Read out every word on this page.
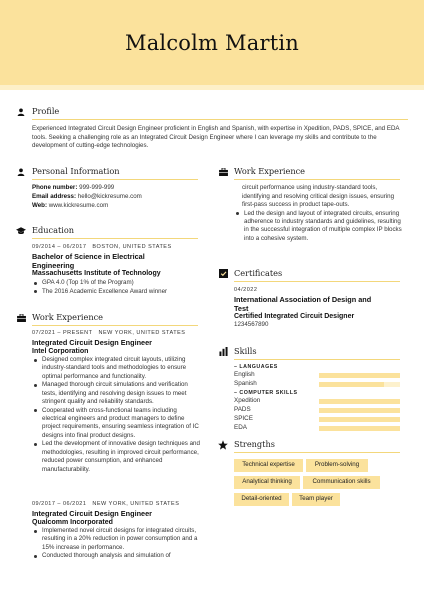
Malcolm Martin
Profile
Experienced Integrated Circuit Design Engineer proficient in English and Spanish, with expertise in Xpedition, PADS, SPICE, and EDA tools. Seeking a challenging role as an Integrated Circuit Design Engineer where I can leverage my skills and contribute to the development of cutting-edge technologies.
Personal Information
Phone number: 999-999-999
Email address: hello@kickresume.com
Web: www.kickresume.com
Education
09/2014 – 06/2017 BOSTON, UNITED STATES
Bachelor of Science in Electrical
Engineering
Massachusetts Institute of Technology
GPA 4.0 (Top 1% of the Program)
The 2016 Academic Excellence Award winner
Work Experience
07/2021 – PRESENT NEW YORK, UNITED STATES
Integrated Circuit Design Engineer
Intel Corporation
Designed complex integrated circuit layouts, utilizing industry-standard tools and methodologies to ensure optimal performance and functionality.
Managed thorough circuit simulations and verification tests, identifying and resolving design issues to meet stringent quality and reliability standards.
Cooperated with cross-functional teams including electrical engineers and product managers to define project requirements, ensuring seamless integration of IC designs into final product designs.
Led the development of innovative design techniques and methodologies, resulting in improved circuit performance, reduced power consumption, and enhanced manufacturability.
09/2017 – 06/2021 NEW YORK, UNITED STATES
Integrated Circuit Design Engineer
Qualcomm Incorporated
Implemented novel circuit designs for integrated circuits, resulting in a 20% reduction in power consumption and a 15% increase in performance.
Conducted thorough analysis and simulation of
Work Experience
circuit performance using industry-standard tools, identifying and resolving critical design issues, ensuring first-pass success in product tape-outs.
Led the design and layout of integrated circuits, ensuring adherence to industry standards and guidelines, resulting in the successful integration of multiple complex IP blocks into a cohesive system.
Certificates
04/2022
International Association of Design and
Test
Certified Integrated Circuit Designer
1234567890
Skills
– LANGUAGES
English
Spanish
– COMPUTER SKILLS
Xpedition
PADS
SPICE
EDA
Strengths
Technical expertise	Problem-solving
Analytical thinking	Communication skills
Detail-oriented	Team player
